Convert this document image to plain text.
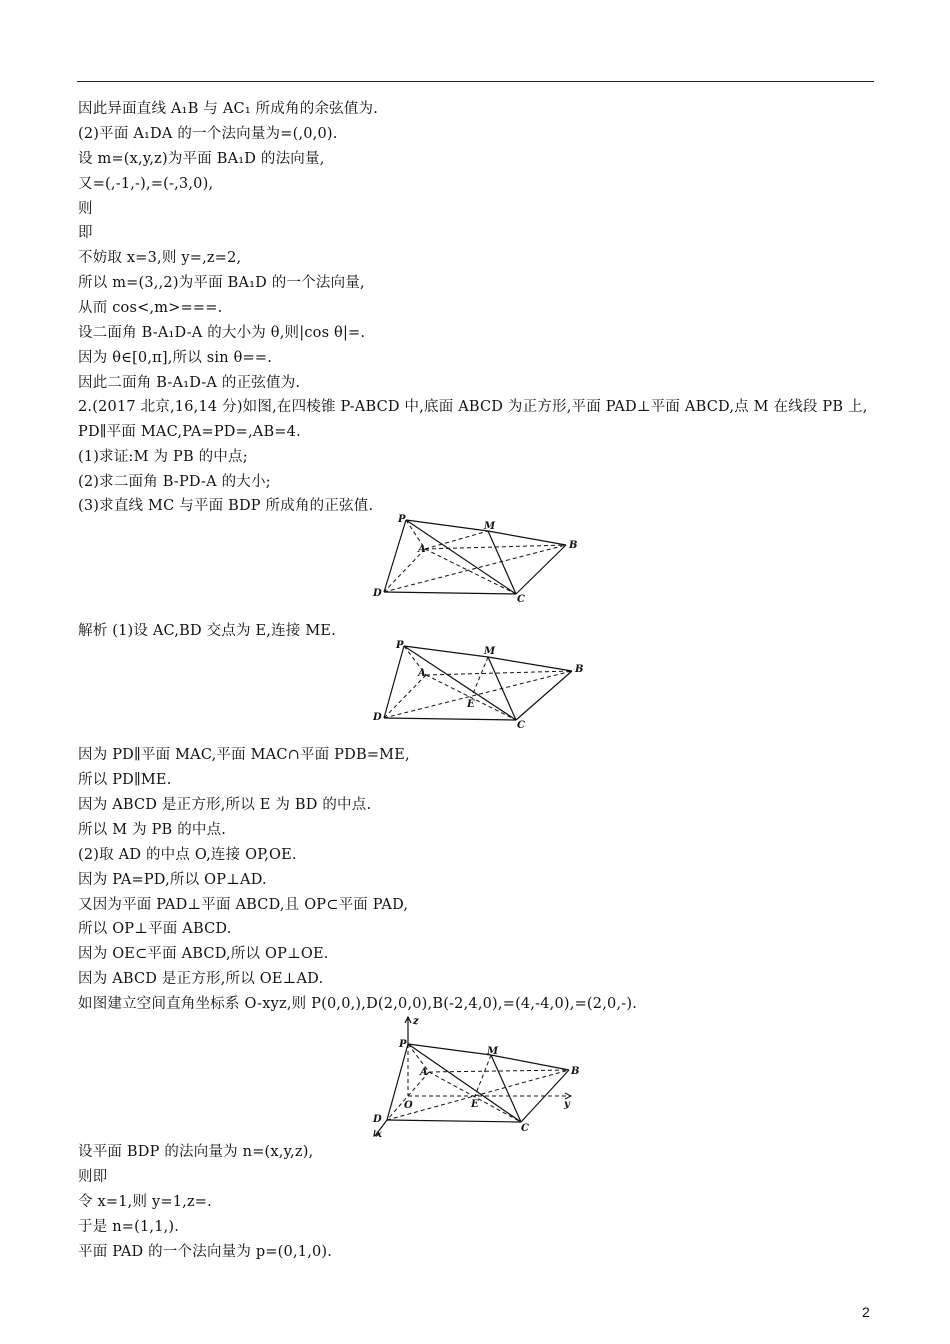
因此异面直线 A₁B 与 AC₁ 所成角的余弦值为.
(2)平面 A₁DA 的一个法向量为=(,0,0).
设 m=(x,y,z)为平面 BA₁D 的法向量,
又=(,-1,-),=(-,3,0),
则
即
不妨取 x=3,则 y=,z=2,
所以 m=(3,,2)为平面 BA₁D 的一个法向量,
从而 cos<,m>===.
设二面角 B-A₁D-A 的大小为 θ,则|cos θ|=.
因为 θ∈[0,π],所以 sin θ==.
因此二面角 B-A₁D-A 的正弦值为.
2.(2017 北京,16,14 分)如图,在四棱锥 P-ABCD 中,底面 ABCD 为正方形,平面 PAD⊥平面 ABCD,点 M 在线段 PB 上,
PD∥平面 MAC,PA=PD=,AB=4.
(1)求证:M 为 PB 的中点;
(2)求二面角 B-PD-A 的大小;
(3)求直线 MC 与平面 BDP 所成角的正弦值.
P
M
A	B
D
C
解析 (1)设 AC,BD 交点为 E,连接 ME.
P
M
A	B
E
D
C
因为 PD∥平面 MAC,平面 MAC∩平面 PDB=ME,
所以 PD∥ME.
因为 ABCD 是正方形,所以 E 为 BD 的中点.
所以 M 为 PB 的中点.
(2)取 AD 的中点 O,连接 OP,OE.
因为 PA=PD,所以 OP⊥AD.
又因为平面 PAD⊥平面 ABCD,且 OP⊂平面 PAD,
所以 OP⊥平面 ABCD.
因为 OE⊂平面 ABCD,所以 OP⊥OE.
因为 ABCD 是正方形,所以 OE⊥AD.
如图建立空间直角坐标系 O-xyz,则 P(0,0,),D(2,0,0),B(-2,4,0),=(4,-4,0),=(2,0,-).
z
P
M
A	B
O	E	y
D
x
C
设平面 BDP 的法向量为 n=(x,y,z),
则即
令 x=1,则 y=1,z=.
于是 n=(1,1,).
平面 PAD 的一个法向量为 p=(0,1,0).
2
